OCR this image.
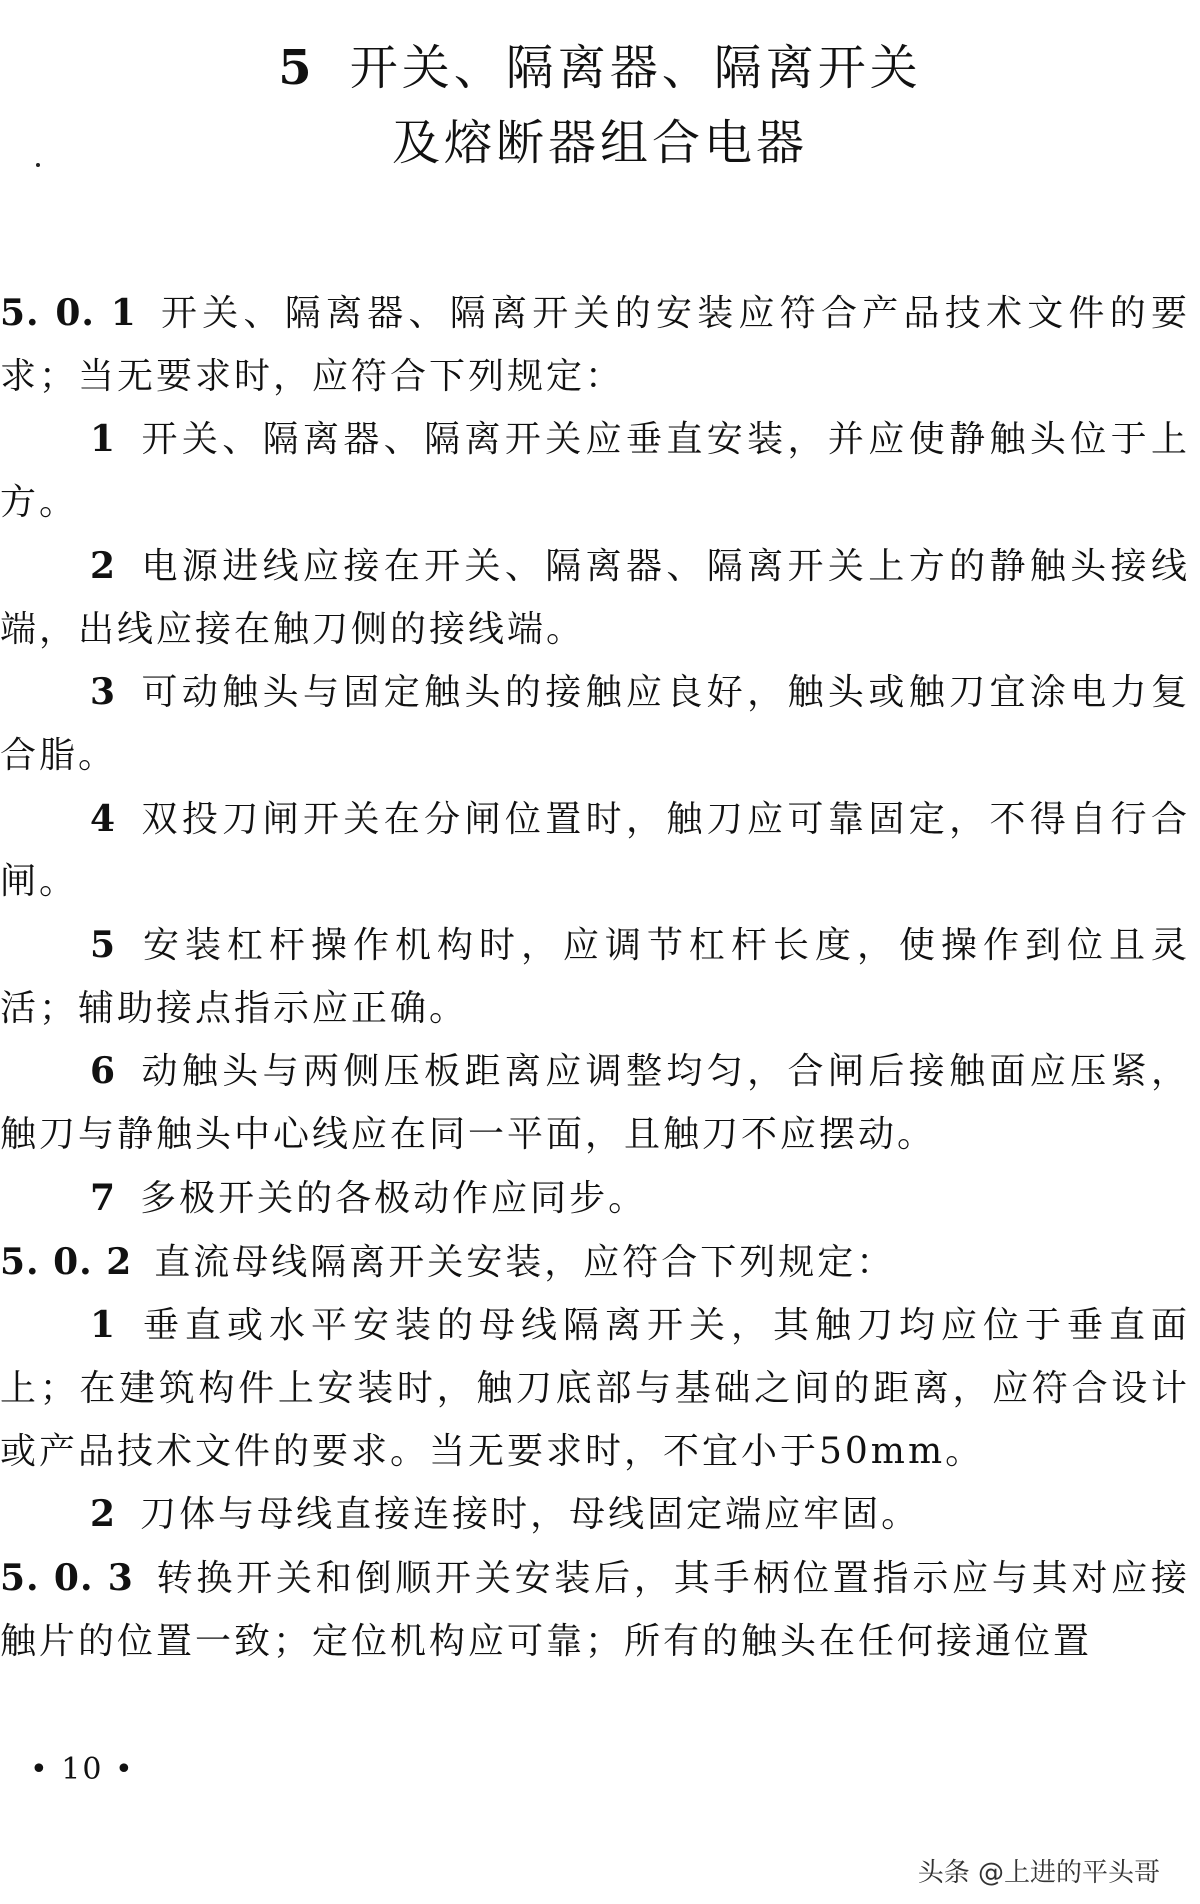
5 开关、隔离器、隔离开关
及熔断器组合电器

5. 0. 1 开关、隔离器、隔离开关的安装应符合产品技术文件的要求；当无要求时，应符合下列规定：

1 开关、隔离器、隔离开关应垂直安装，并应使静触头位于上方。

2 电源进线应接在开关、隔离器、隔离开关上方的静触头接线端，出线应接在触刀侧的接线端。

3 可动触头与固定触头的接触应良好，触头或触刀宜涂电力复合脂。

4 双投刀闸开关在分闸位置时，触刀应可靠固定，不得自行合闸。

5 安装杠杆操作机构时，应调节杠杆长度，使操作到位且灵活；辅助接点指示应正确。

6 动触头与两侧压板距离应调整均匀，合闸后接触面应压紧，触刀与静触头中心线应在同一平面，且触刀不应摆动。

7 多极开关的各极动作应同步。

5. 0. 2 直流母线隔离开关安装，应符合下列规定：

1 垂直或水平安装的母线隔离开关，其触刀均应位于垂直面上；在建筑构件上安装时，触刀底部与基础之间的距离，应符合设计或产品技术文件的要求。当无要求时，不宜小于50mm。

2 刀体与母线直接连接时，母线固定端应牢固。

5. 0. 3 转换开关和倒顺开关安装后，其手柄位置指示应与其对应接触片的位置一致；定位机构应可靠；所有的触头在任何接通位置

• 10 •
头条 @上进的平头哥
